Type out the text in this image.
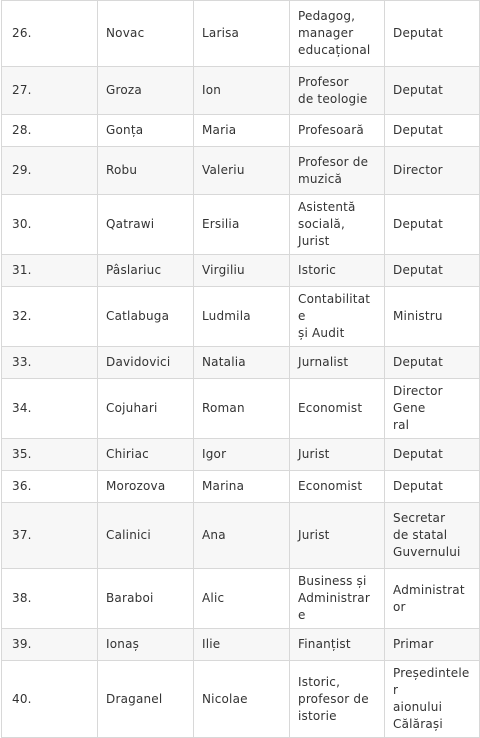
26.	Novac	Larisa	Pedagog,
manager
educațional	Deputat
27.	Groza	Ion	Profesor
de teologie	Deputat
28.	Gonța	Maria	Profesoară	Deputat
29.	Robu	Valeriu	Profesor de
muzică	Director
30.	Qatrawi	Ersilia	Asistentă
socială, Jurist	Deputat
31.	Pâslariuc	Virgiliu	Istoric	Deputat
32.	Catlabuga	Ludmila	Contabilitate
și Audit	Ministru
33.	Davidovici	Natalia	Jurnalist	Deputat
34.	Cojuhari	Roman	Economist	Director Gene
ral
35.	Chiriac	Igor	Jurist	Deputat
36.	Morozova	Marina	Economist	Deputat
37.	Calinici	Ana	Jurist	Secretar
de statal
Guvernului
38.	Baraboi	Alic	Business și
Administrare	Administrator
39.	Ionaș	Ilie	Finanțist	Primar
40.	Draganel	Nicolae	Istoric,
profesor de
istorie	Președintele r
aionului
Călărași
